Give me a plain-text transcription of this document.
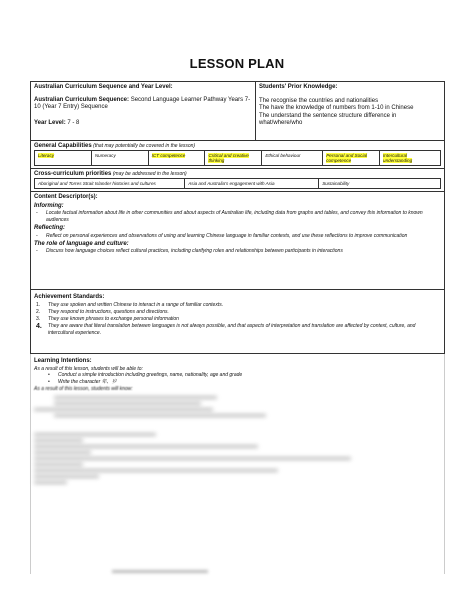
LESSON PLAN
Australian Curriculum Sequence and Year Level:
Australian Curriculum Sequence: Second Language Learner Pathway Years 7-10 (Year 7 Entry) Sequence
Year Level: 7 - 8

Students' Prior Knowledge:
The recognise the countries and nationalities
The have the knowledge of numbers from 1-10 in Chinese
The understand the sentence structure difference in what/where/who

General Capabilities (that may potentially be covered in the lesson)
Literacy	Numeracy	ICT competence	Critical and creative thinking	Ethical behaviour	Personal and Social competence	Intercultural understanding

Cross-curriculum priorities (may be addressed in the lesson)
Aboriginal and Torres Strait Islander histories and cultures	Asia and Australia's engagement with Asia	Sustainability

Content Descriptor(s):
Informing:
- Locate factual information about life in other communities and about aspects of Australian life, including data from graphs and tables, and convey this information to known audiences
Reflecting:
- Reflect on personal experiences and observations of using and learning Chinese language in familiar contexts, and use these reflections to improve communication
The role of language and culture:
- Discuss how language choices reflect cultural practices, including clarifying roles and relationships between participants in interactions

Achievement Standards:
1. They use spoken and written Chinese to interact in a range of familiar contexts.
2. They respond to instructions, questions and directions.
3. They use known phrases to exchange personal information
4. They are aware that literal translation between languages is not always possible, and that aspects of interpretation and translation are affected by context, culture, and intercultural experience.

Learning Intentions:
As a result of this lesson, students will be able to:
• Conduct a simple introduction including greetings, name, nationality, age and grade
• Write the character 年、岁
As a result of this lesson, students will know:
